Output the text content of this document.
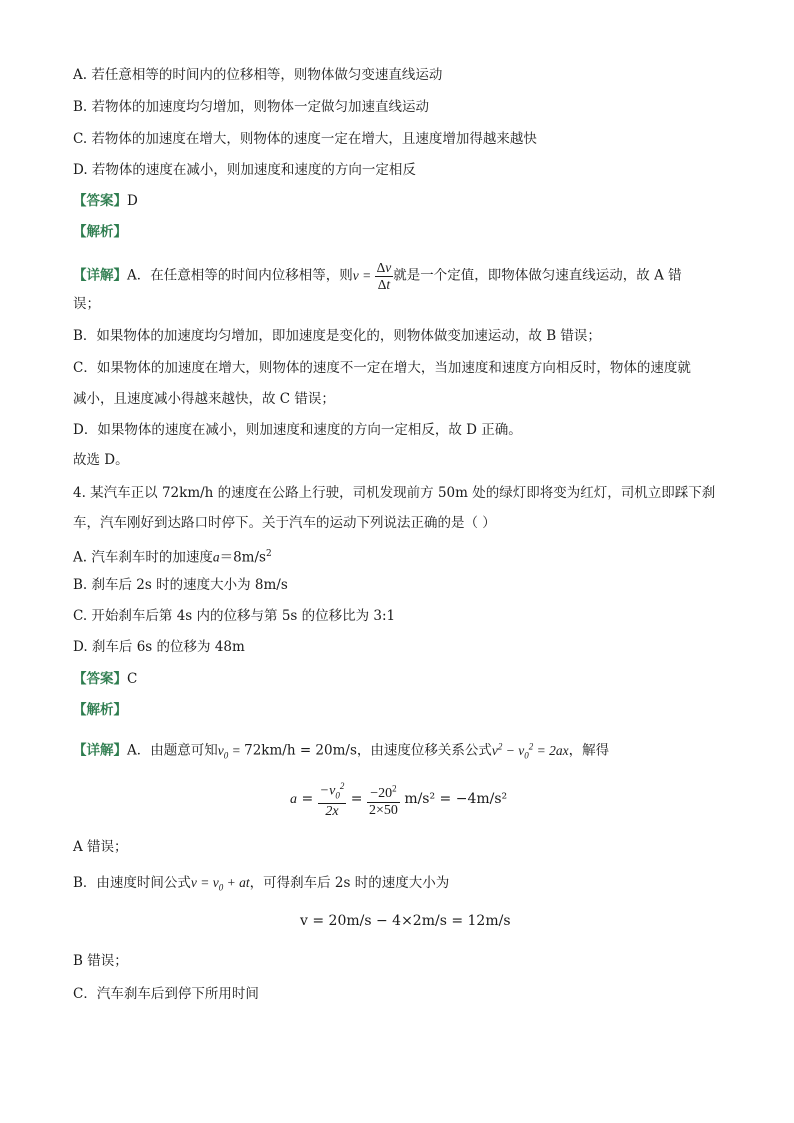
A. 若任意相等的时间内的位移相等，则物体做匀变速直线运动
B. 若物体的加速度均匀增加，则物体一定做匀加速直线运动
C. 若物体的加速度在增大，则物体的速度一定在增大，且速度增加得越来越快
D. 若物体的速度在减小，则加速度和速度的方向一定相反
【答案】D
【解析】
【详解】A．在任意相等的时间内位移相等，则$v = \frac{\Delta v}{\Delta t}$ 就是一个定值，即物体做匀速直线运动，故 A 错
误；
B．如果物体的加速度均匀增加，即加速度是变化的，则物体做变加速运动，故 B 错误；
C．如果物体的加速度在增大，则物体的速度不一定在增大，当加速度和速度方向相反时，物体的速度就
减小，且速度减小得越来越快，故 C 错误；
D．如果物体的速度在减小，则加速度和速度的方向一定相反，故 D 正确。
故选 D。
4. 某汽车正以 72km/h 的速度在公路上行驶，司机发现前方 50m 处的绿灯即将变为红灯，司机立即踩下刹
车，汽车刚好到达路口时停下。关于汽车的运动下列说法正确的是（ ）
A. 汽车刹车时的加速度$a=8m/s^2$
B. 刹车后 2s 时的速度大小为 8m/s
C. 开始刹车后第 4s 内的位移与第 5s 的位移比为 3:1
D. 刹车后 6s 的位移为 48m
【答案】C
【解析】
【详解】A．由题意可知$v_0 = 72km/h = 20m/s$，由速度位移关系公式$v^2 - v_0^2 = 2ax$，解得
$a = \frac{-v_0^2}{2x} = \frac{-20^2}{2\times 50} m/s^2 = -4m/s^2$
A 错误；
B．由速度时间公式$v = v_0$ + at，可得刹车后 2s 时的速度大小为
v = 20m/s − 4×2m/s = 12m/s
B 错误；
C．汽车刹车后到停下所用时间
